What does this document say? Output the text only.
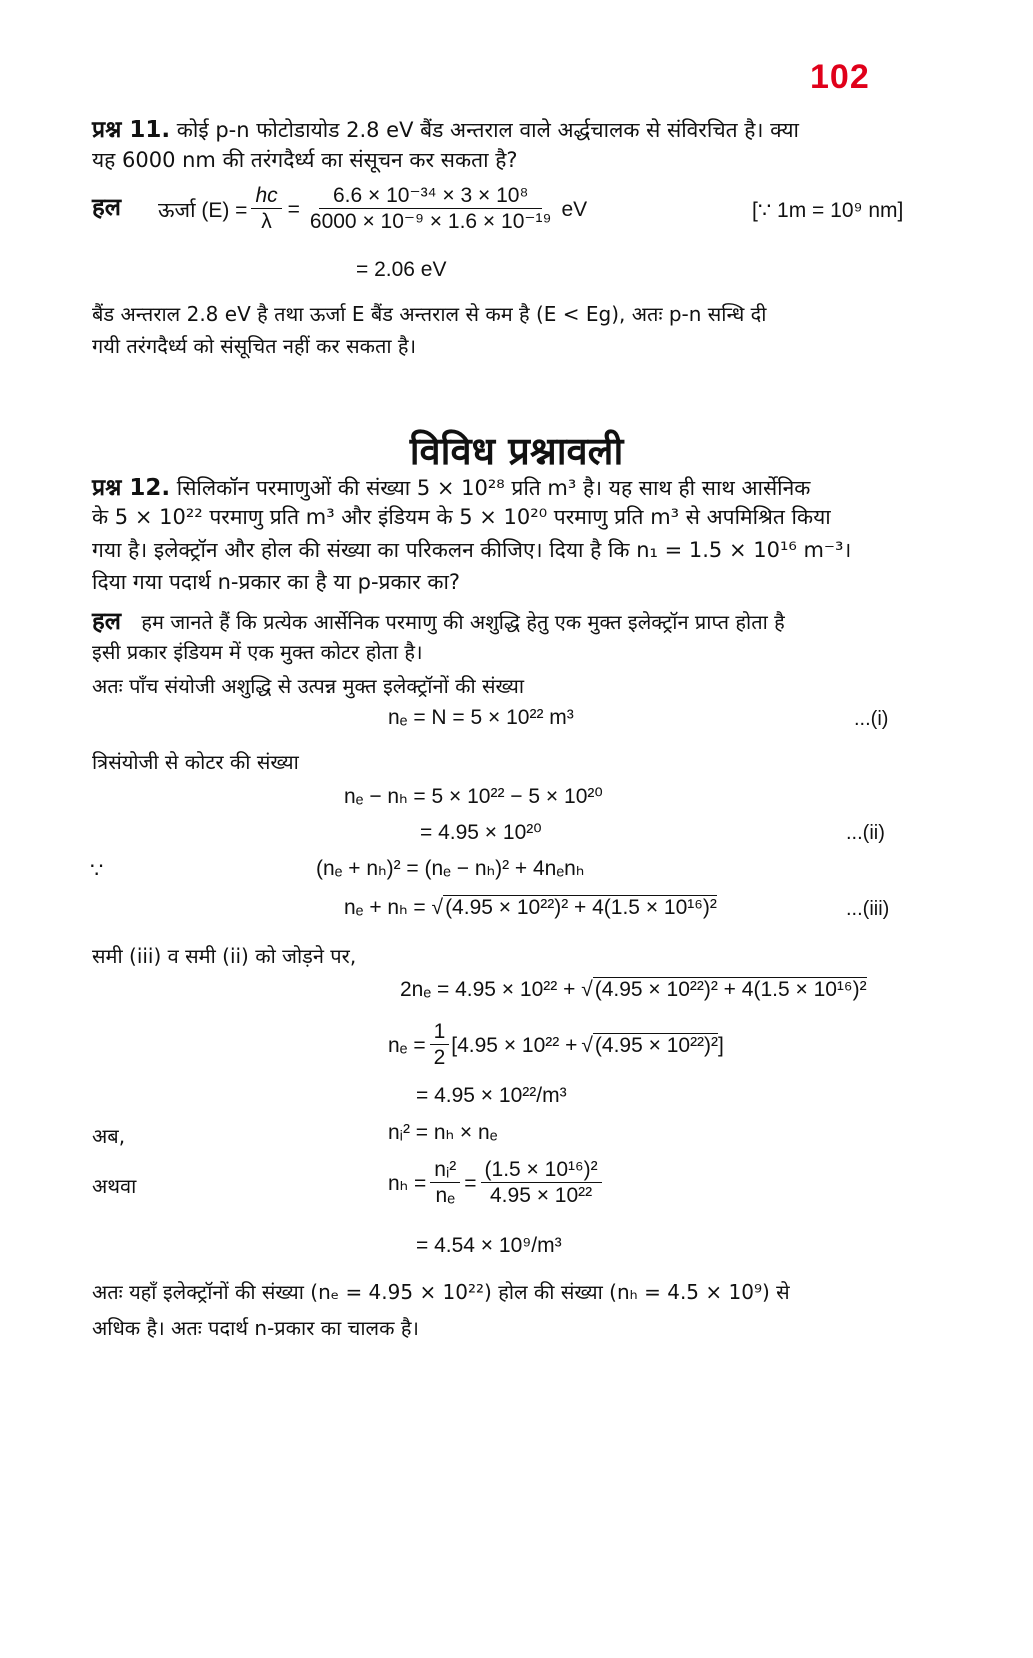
102
प्रश्न 11. कोई p-n फोटोडायोड 2.8 eV बैंड अन्तराल वाले अर्द्धचालक से संविरचित है। क्या
यह 6000 nm की तरंगदैर्ध्य का संसूचन कर सकता है?
हल ऊर्जा $(E) = \frac{hc}{\lambda} = \frac{\text{6.6 × 10⁻³⁴ × 3 × 10⁸}}{\text{6000 × 10⁻⁹ × 1.6 × 10⁻¹⁹}}$ eV	[∵ 1m = 10⁹ nm]
= 2.06 eV
बैंड अन्तराल 2.8 eV है तथा ऊर्जा E बैंड अन्तराल से कम है (E < Eg), अतः p-n सन्धि दी
गयी तरंगदैर्ध्य को संसूचित नहीं कर सकता है।
विविध प्रश्नावली
प्रश्न 12. सिलिकॉन परमाणुओं की संख्या 5 × 10²⁸ प्रति m³ है। यह साथ ही साथ आर्सेनिक
के 5 × 10²² परमाणु प्रति m³ और इंडियम के 5 × 10²⁰ परमाणु प्रति m³ से अपमिश्रित किया
गया है। इलेक्ट्रॉन और होल की संख्या का परिकलन कीजिए। दिया है कि n₁ = 1.5 × 10¹⁶ m⁻³।
दिया गया पदार्थ n-प्रकार का है या p-प्रकार का?
हल हम जानते हैं कि प्रत्येक आर्सेनिक परमाणु की अशुद्धि हेतु एक मुक्त इलेक्ट्रॉन प्राप्त होता है
इसी प्रकार इंडियम में एक मुक्त कोटर होता है।
अतः पाँच संयोजी अशुद्धि से उत्पन्न मुक्त इलेक्ट्रॉनों की संख्या
nₑ = N = 5 × 10²² m³	...(i)
त्रिसंयोजी से कोटर की संख्या
nₑ − nₕ = 5 × 10²² − 5 × 10²⁰
= 4.95 × 10²⁰	...(ii)
∵	(nₑ + nₕ)² = (nₑ − nₕ)² + 4nₑnₕ
nₑ + nₕ = √(4.95 × 10²²)² + 4(1.5 × 10¹⁶)²	...(iii)
समी (iii) व समी (ii) को जोड़ने पर,
2nₑ = 4.95 × 10²² + √(4.95 × 10²²)² + 4(1.5 × 10¹⁶)²
$n_e = \frac{1}{2} [4.95 \times 10^{22}$ + √ (4.95 × 10²²)² ]
= 4.95 × 10²²/m³
अब,	nᵢ² = nₕ × nₑ
अथवा	$n_h = \frac{\text{nᵢ²}}{\text{nₑ}} = \frac{\text{(1.5 × 10¹⁶)²}}{\text{4.95 × 10²²}}$
= 4.54 × 10⁹/m³
अतः यहाँ इलेक्ट्रॉनों की संख्या (nₑ = 4.95 × 10²²) होल की संख्या (nₕ = 4.5 × 10⁹) से
अधिक है। अतः पदार्थ n-प्रकार का चालक है।
